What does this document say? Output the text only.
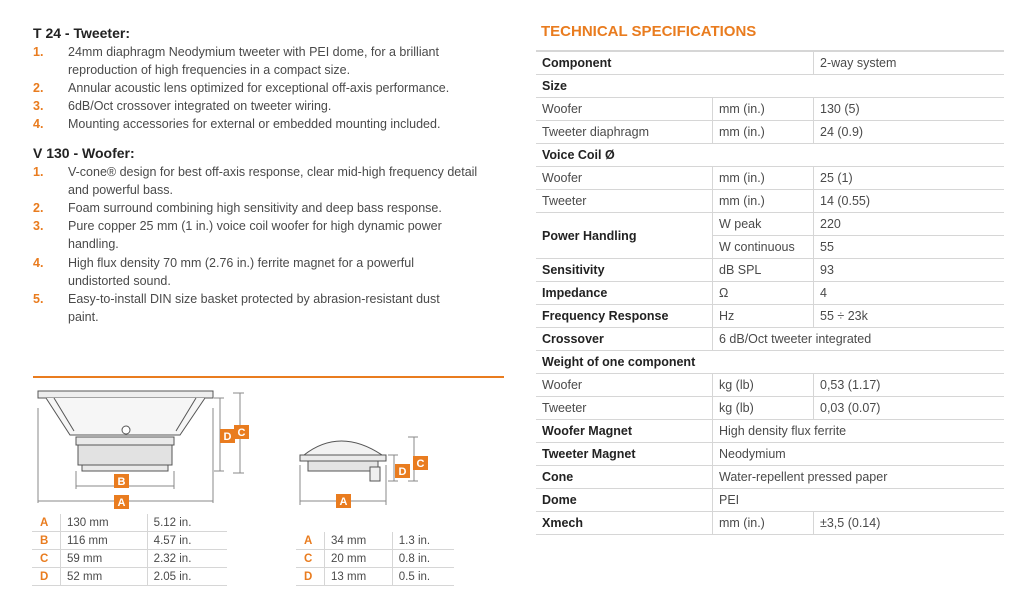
T 24 - Tweeter:
1. 24mm diaphragm Neodymium tweeter with PEI dome, for a brilliant reproduction of high frequencies in a compact size.
2. Annular acoustic lens optimized for exceptional off-axis performance.
3. 6dB/Oct crossover integrated on tweeter wiring.
4. Mounting accessories for external or embedded mounting included.
V 130 - Woofer:
1. V-cone® design for best off-axis response, clear mid-high frequency detail and powerful bass.
2. Foam surround combining high sensitivity and deep bass response.
3. Pure copper 25 mm (1 in.) voice coil woofer for high dynamic power handling.
4. High flux density 70 mm (2.76 in.) ferrite magnet for a powerful undistorted sound.
5. Easy-to-install DIN size basket protected by abrasion-resistant dust paint.
B
A
D C
A
D
C
A	130 mm	5.12 in.
B	116 mm	4.57 in.
C	59 mm	2.32 in.
D	52 mm	2.05 in.
A	34 mm	1.3 in.
C	20 mm	0.8 in.
D	13 mm	0.5 in.
TECHNICAL SPECIFICATIONS
Component		2-way system
Size		
Woofer	mm (in.)	130 (5)
Tweeter diaphragm	mm (in.)	24 (0.9)
Voice Coil Ø		
Woofer	mm (in.)	25 (1)
Tweeter	mm (in.)	14 (0.55)
Power Handling	W peak	220
	W continuous	55
Sensitivity	dB SPL	93
Impedance	Ω	4
Frequency Response	Hz	55 ÷ 23k
Crossover	6 dB/Oct tweeter integrated	
Weight of one component		
Woofer	kg (lb)	0,53 (1.17)
Tweeter	kg (lb)	0,03 (0.07)
Woofer Magnet	High density flux ferrite	
Tweeter Magnet	Neodymium	
Cone	Water-repellent pressed paper	
Dome	PEI	
Xmech	mm (in.)	±3,5 (0.14)
